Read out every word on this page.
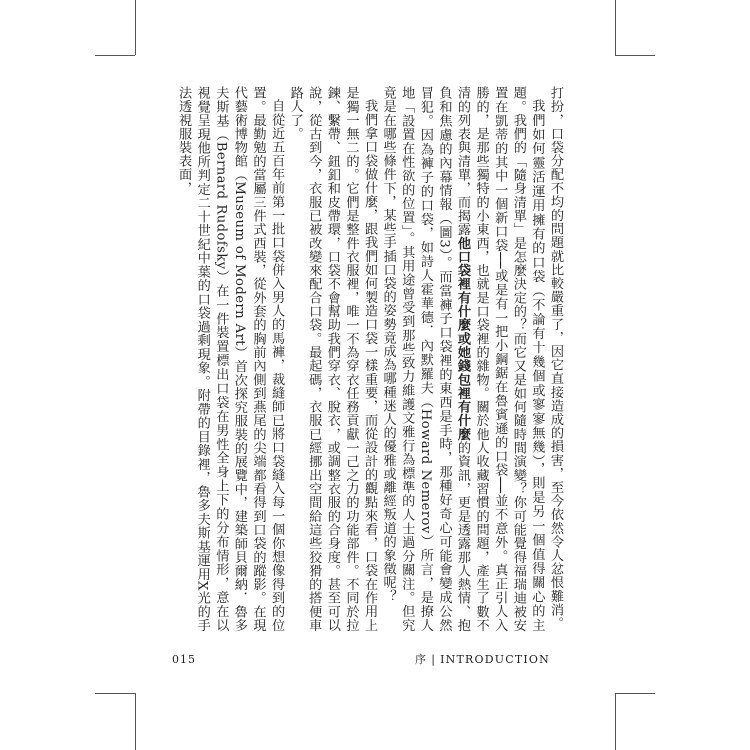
打扮，口袋分配不均的問題就比較嚴重了，因它直接造成的損害，至今依然令人忿恨難消。

我們如何靈活運用擁有的口袋（不論有十幾個或寥寥無幾），則是另一個值得關心的主題。我們的「隨身清單」是怎麼決定的？而它又是如何隨時間演變？你可能覺得福瑞迪被安置在凱蒂的其中一個新口袋──或是有一把小鋼鋸在魯賓遜的口袋──並不意外。真正引人入勝的，是那些獨特的小東西，也就是口袋裡的雜物。關於他人收藏習慣的問題，產生了數不清的列表與清單，而揭露他口袋裡有什麼或她錢包裡有什麼的資訊，更是透露那人熱情、抱負和焦慮的內幕情報（圖3）。而當褲子口袋裡的東西是手時，那種好奇心可能會變成公然冒犯。因為褲子的口袋，如詩人霍華德．內默羅夫（Howard Nemerov）所言，是撩人地「設置在性欲的位置」。其用途曾受到那些致力維護文雅行為標準的人士過分關注。但究竟是在哪些條件下，某些手插口袋的姿勢竟成為哪種迷人的優雅或離經叛道的象徵呢？

我們拿口袋做什麼，跟我們如何製造口袋一樣重要，而從設計的觀點來看，口袋在作用上是獨一無二的。它們是整件衣服裡，唯一不為穿衣任務貢獻一己之力的功能部件。不同於拉鍊、繫帶、鈕釦和皮帶環，口袋不會幫助我們穿衣、脫衣，或調整衣服的合身度。甚至可以說，從古到今，衣服已被改變來配合口袋。最起碼，衣服已經挪出空間給這些狡猾的搭便車路人了。

自從近五百年前第一批口袋併入男人的馬褲，裁縫師已將口袋縫入每一個你想像得到的位置。最勤勉的當屬三件式西裝，從外套的胸前內側到燕尾的尖端都看得到口袋的蹤影。在現代藝術博物館（Museum of Modern Art）首次探究服裝的展覽中，建築師貝爾納．魯多夫斯基（Bernard Rudofsky）在一件裝置標出口袋在男性全身上下的分布情形，意在以視覺呈現他所判定二十世紀中葉的口袋過剩現象。附帶的目錄裡，魯多夫斯基運用X光的手法透視服裝表面，

015	序 | INTRODUCTION
